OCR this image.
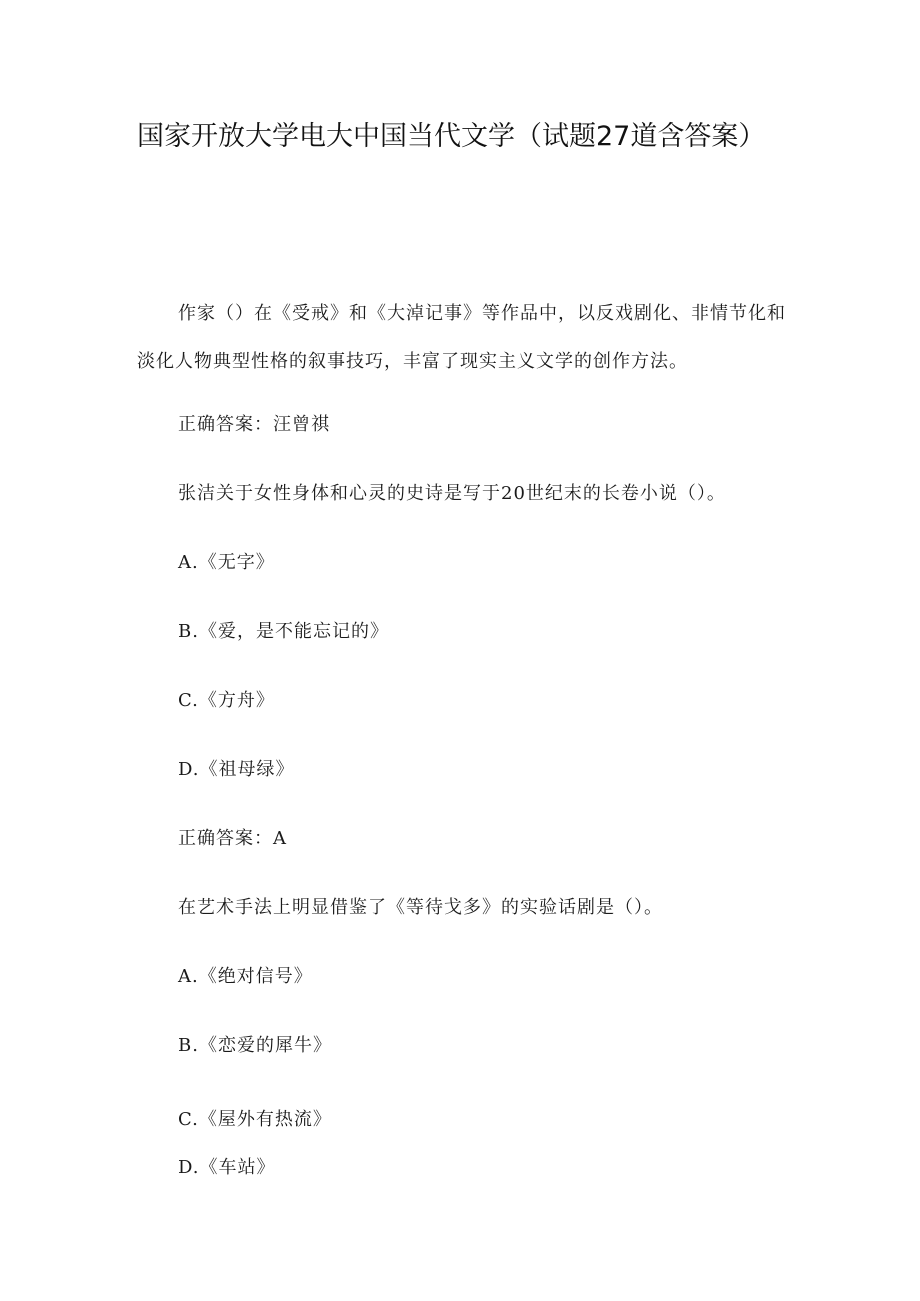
国家开放大学电大中国当代文学（试题27道含答案）

作家（）在《受戒》和《大淖记事》等作品中，以反戏剧化、非情节化和淡化人物典型性格的叙事技巧，丰富了现实主义文学的创作方法。

正确答案：汪曾祺

张洁关于女性身体和心灵的史诗是写于20世纪末的长卷小说（）。

A.《无字》

B.《爱，是不能忘记的》

C.《方舟》

D.《祖母绿》

正确答案：A

在艺术手法上明显借鉴了《等待戈多》的实验话剧是（）。

A.《绝对信号》

B.《恋爱的犀牛》

C.《屋外有热流》

D.《车站》
